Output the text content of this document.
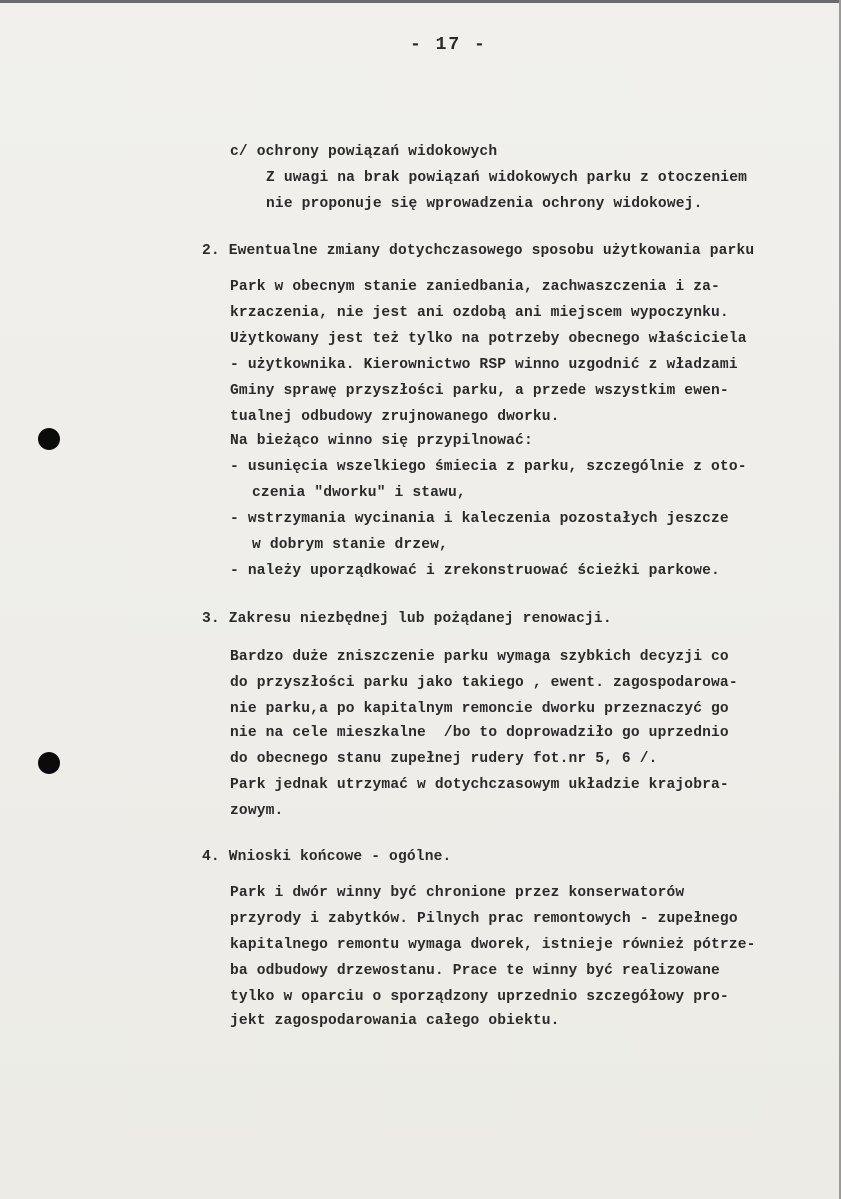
- 17 -
c/ ochrony powiązań widokowych
Z uwagi na brak powiązań widokowych parku z otoczeniem
nie proponuje się wprowadzenia ochrony widokowej.
2. Ewentualne zmiany dotychczasowego sposobu użytkowania parku
Park w obecnym stanie zaniedbania, zachwaszczenia i za-
krzaczenia, nie jest ani ozdobą ani miejscem wypoczynku.
Użytkowany jest też tylko na potrzeby obecnego właściciela
- użytkownika. Kierownictwo RSP winno uzgodnić z władzami
Gminy sprawę przyszłości parku, a przede wszystkim ewen-
tualnej odbudowy zrujnowanego dworku.
Na bieżąco winno się przypilnować:
- usunięcia wszelkiego śmiecia z parku, szczególnie z oto-
czenia "dworku" i stawu,
- wstrzymania wycinania i kaleczenia pozostałych jeszcze
w dobrym stanie drzew,
- należy uporządkować i zrekonstruować ścieżki parkowe.
3. Zakresu niezbędnej lub pożądanej renowacji.
Bardzo duże zniszczenie parku wymaga szybkich decyzji co
do przyszłości parku jako takiego , ewent. zagospodarowa-
nie parku,a po kapitalnym remoncie dworku przeznaczyć go
nie na cele mieszkalne  /bo to doprowadziło go uprzednio
do obecnego stanu zupełnej rudery fot.nr 5, 6 /.
Park jednak utrzymać w dotychczasowym układzie krajobra-
zowym.
4. Wnioski końcowe - ogólne.
Park i dwór winny być chronione przez konserwatorów
przyrody i zabytków. Pilnych prac remontowych - zupełnego
kapitalnego remontu wymaga dworek, istnieje również pótrze-
ba odbudowy drzewostanu. Prace te winny być realizowane
tylko w oparciu o sporządzony uprzednio szczegółowy pro-
jekt zagospodarowania całego obiektu.
